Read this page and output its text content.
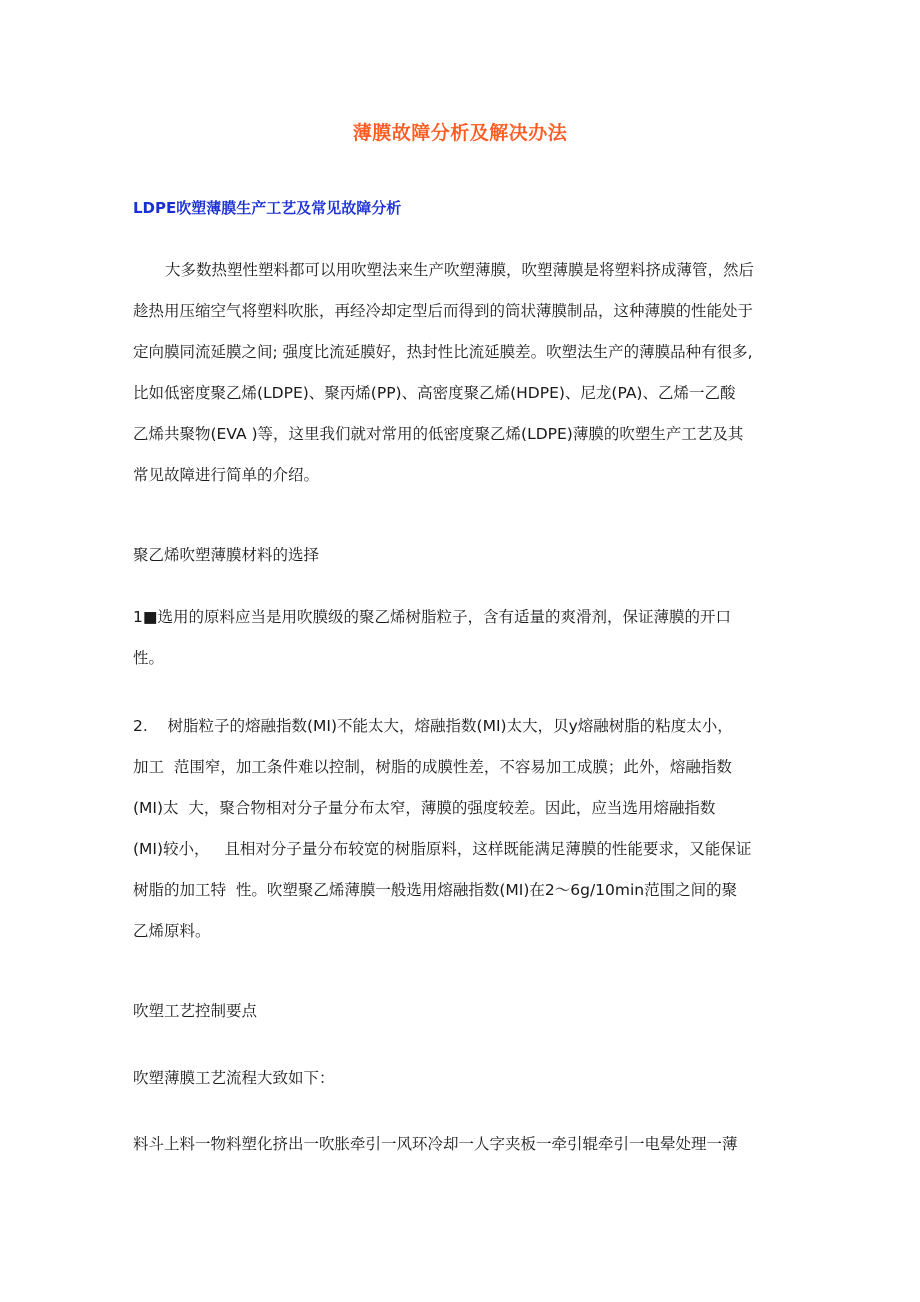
薄膜故障分析及解决办法
LDPE吹塑薄膜生产工艺及常见故障分析

大多数热塑性塑料都可以用吹塑法来生产吹塑薄膜，吹塑薄膜是将塑料挤成薄管，然后
趁热用压缩空气将塑料吹胀，再经冷却定型后而得到的筒状薄膜制品，这种薄膜的性能处于
定向膜同流延膜之间; 强度比流延膜好，热封性比流延膜差。吹塑法生产的薄膜品种有很多,
比如低密度聚乙烯(LDPE)、聚丙烯(PP)、高密度聚乙烯(HDPE)、尼龙(PA)、乙烯一乙酸
乙烯共聚物(EVA )等，这里我们就对常用的低密度聚乙烯(LDPE)薄膜的吹塑生产工艺及其
常见故障进行简单的介绍。

聚乙烯吹塑薄膜材料的选择

1■选用的原料应当是用吹膜级的聚乙烯树脂粒子，含有适量的爽滑剂，保证薄膜的开口
性。

2.    树脂粒子的熔融指数(MI)不能太大，熔融指数(MI)太大，贝y熔融树脂的粘度太小，
加工  范围窄，加工条件难以控制，树脂的成膜性差，不容易加工成膜；此外，熔融指数
(MI)太  大，聚合物相对分子量分布太窄，薄膜的强度较差。因此，应当选用熔融指数
(MI)较小，   且相对分子量分布较宽的树脂原料，这样既能满足薄膜的性能要求，又能保证
树脂的加工特  性。吹塑聚乙烯薄膜一般选用熔融指数(MI)在2〜6g/10min范围之间的聚
乙烯原料。

吹塑工艺控制要点

吹塑薄膜工艺流程大致如下：

料斗上料一物料塑化挤出一吹胀牵引一风环冷却一人字夹板一牵引辊牵引一电晕处理一薄
